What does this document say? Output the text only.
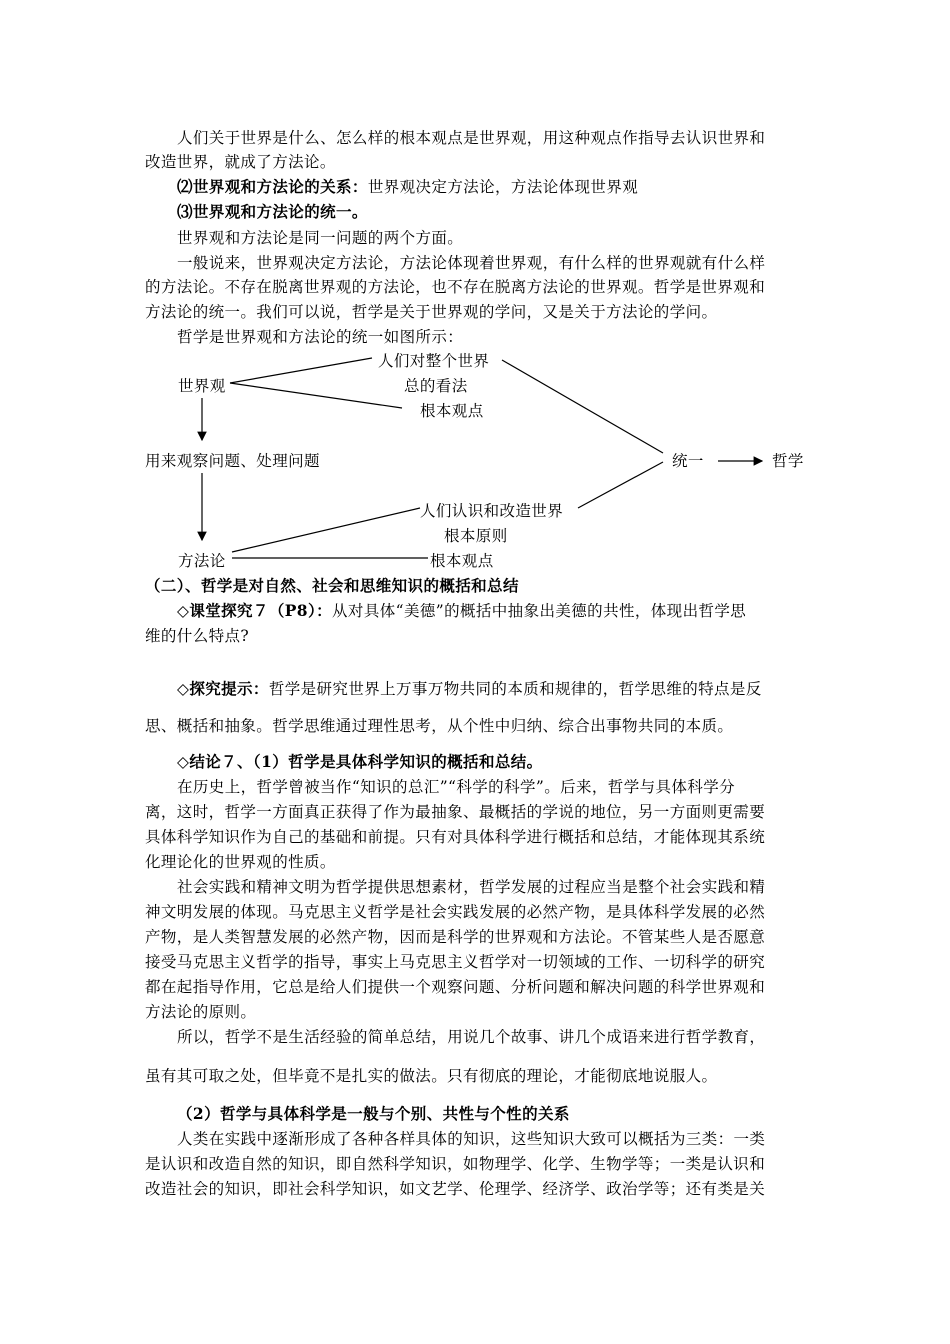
人们关于世界是什么、怎么样的根本观点是世界观，用这种观点作指导去认识世界和
改造世界，就成了方法论。
⑵世界观和方法论的关系：世界观决定方法论，方法论体现世界观
⑶世界观和方法论的统一。
世界观和方法论是同一问题的两个方面。
一般说来，世界观决定方法论，方法论体现着世界观，有什么样的世界观就有什么样
的方法论。不存在脱离世界观的方法论，也不存在脱离方法论的世界观。哲学是世界观和
方法论的统一。我们可以说，哲学是关于世界观的学问，又是关于方法论的学问。
哲学是世界观和方法论的统一如图所示：
人们对整个世界
世界观	总的看法
根本观点
用来观察问题、处理问题	统一	哲学
人们认识和改造世界
根本原则
方法论	根本观点
（二）、哲学是对自然、社会和思维知识的概括和总结
◇课堂探究７（P8）：从对具体“美德”的概括中抽象出美德的共性，体现出哲学思
维的什么特点?
◇探究提示：哲学是研究世界上万事万物共同的本质和规律的，哲学思维的特点是反
思、概括和抽象。哲学思维通过理性思考，从个性中归纳、综合出事物共同的本质。
◇结论７、（1）哲学是具体科学知识的概括和总结。
在历史上，哲学曾被当作“知识的总汇”“科学的科学”。后来，哲学与具体科学分
离，这时，哲学一方面真正获得了作为最抽象、最概括的学说的地位，另一方面则更需要
具体科学知识作为自己的基础和前提。只有对具体科学进行概括和总结，才能体现其系统
化理论化的世界观的性质。
社会实践和精神文明为哲学提供思想素材，哲学发展的过程应当是整个社会实践和精
神文明发展的体现。马克思主义哲学是社会实践发展的必然产物，是具体科学发展的必然
产物，是人类智慧发展的必然产物，因而是科学的世界观和方法论。不管某些人是否愿意
接受马克思主义哲学的指导，事实上马克思主义哲学对一切领域的工作、一切科学的研究
都在起指导作用，它总是给人们提供一个观察问题、分析问题和解决问题的科学世界观和
方法论的原则。
所以，哲学不是生活经验的简单总结，用说几个故事、讲几个成语来进行哲学教育，
虽有其可取之处，但毕竟不是扎实的做法。只有彻底的理论，才能彻底地说服人。
（2）哲学与具体科学是一般与个别、共性与个性的关系
人类在实践中逐渐形成了各种各样具体的知识，这些知识大致可以概括为三类：一类
是认识和改造自然的知识，即自然科学知识，如物理学、化学、生物学等；一类是认识和
改造社会的知识，即社会科学知识，如文艺学、伦理学、经济学、政治学等；还有类是关
